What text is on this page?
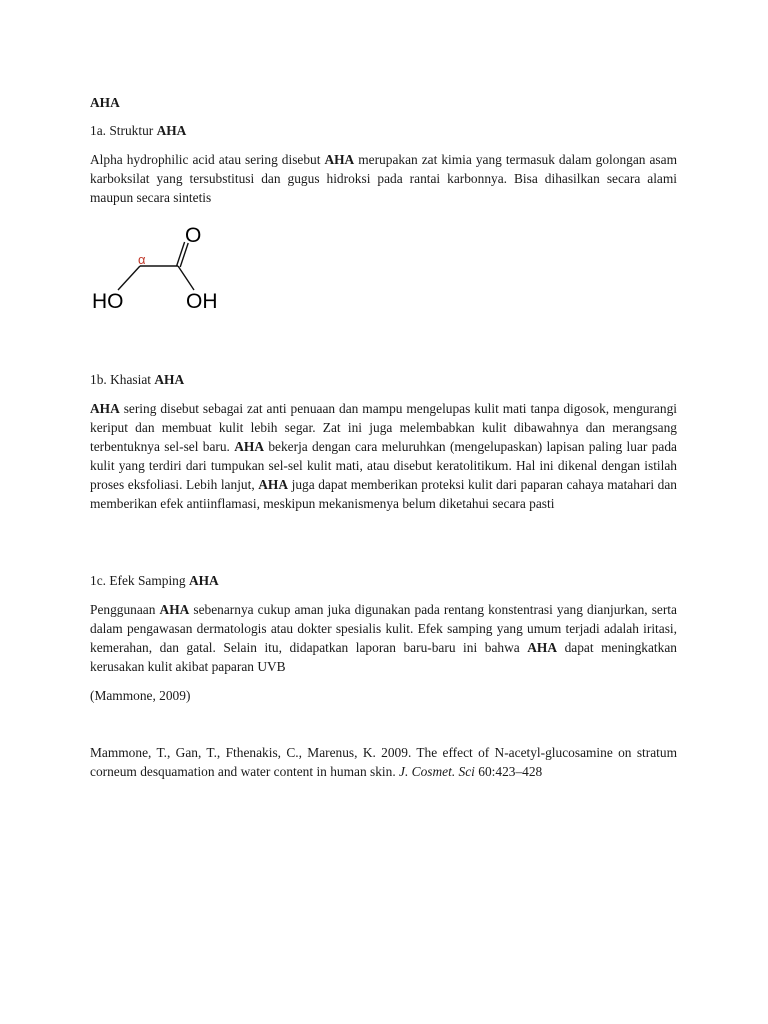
AHA

1a. Struktur AHA

Alpha hydrophilic acid atau sering disebut AHA merupakan zat kimia yang termasuk dalam golongan asam karboksilat yang tersubstitusi dan gugus hidroksi pada rantai karbonnya. Bisa dihasilkan secara alami maupun secara sintetis

α
O
HO	OH

1b. Khasiat AHA

AHA sering disebut sebagai zat anti penuaan dan mampu mengelupas kulit mati tanpa digosok, mengurangi keriput dan membuat kulit lebih segar. Zat ini juga melembabkan kulit dibawahnya dan merangsang terbentuknya sel-sel baru. AHA bekerja dengan cara meluruhkan (mengelupaskan) lapisan paling luar pada kulit yang terdiri dari tumpukan sel-sel kulit mati, atau disebut keratolitikum. Hal ini dikenal dengan istilah proses eksfoliasi. Lebih lanjut, AHA juga dapat memberikan proteksi kulit dari paparan cahaya matahari dan memberikan efek antiinflamasi, meskipun mekanismenya belum diketahui secara pasti

1c. Efek Samping AHA

Penggunaan AHA sebenarnya cukup aman juka digunakan pada rentang konstentrasi yang dianjurkan, serta dalam pengawasan dermatologis atau dokter spesialis kulit. Efek samping yang umum terjadi adalah iritasi, kemerahan, dan gatal. Selain itu, didapatkan laporan baru-baru ini bahwa AHA dapat meningkatkan kerusakan kulit akibat paparan UVB

(Mammone, 2009)

Mammone, T., Gan, T., Fthenakis, C., Marenus, K. 2009. The effect of N-acetyl-glucosamine on stratum corneum desquamation and water content in human skin. J. Cosmet. Sci 60:423–428
